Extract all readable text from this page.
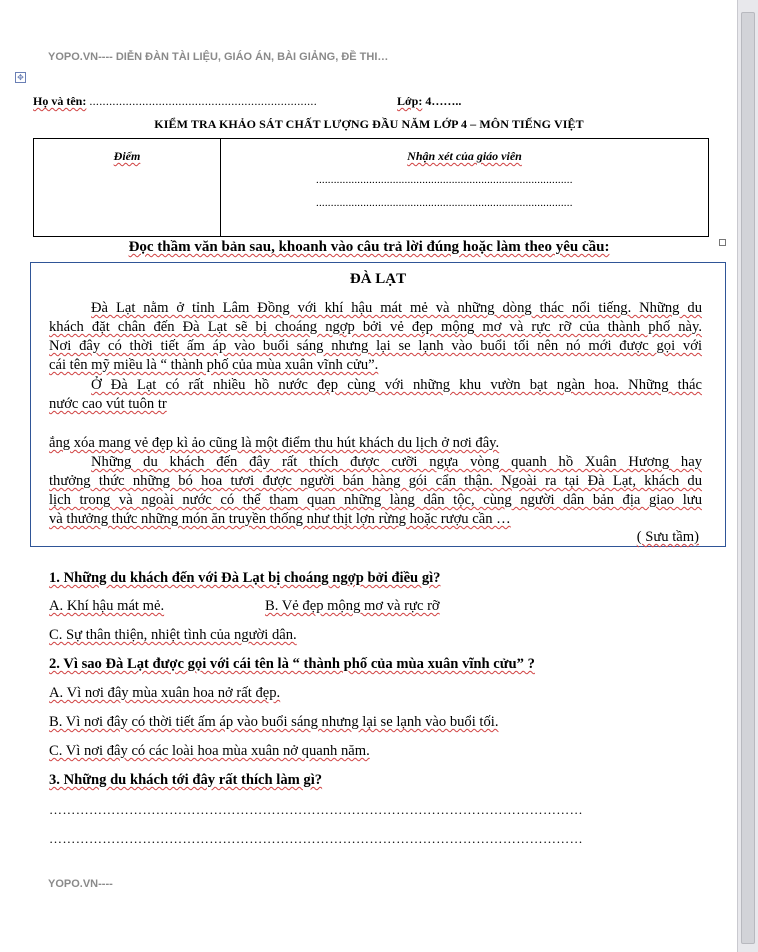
YOPO.VN---- DIỄN ĐÀN TÀI LIỆU, GIÁO ÁN, BÀI GIẢNG, ĐỀ THI…
✥
Họ và tên: .....................................................................	Lớp: 4……..
KIỂM TRA KHẢO SÁT CHẤT LƯỢNG ĐẦU NĂM LỚP 4 – MÔN TIẾNG VIỆT
Điểm	Nhận xét của giáo viên
.......................................................................................
.......................................................................................
Đọc thầm văn bản sau, khoanh vào câu trả lời đúng hoặc làm theo yêu cầu:
ĐÀ LẠT
Đà Lạt nằm ở tỉnh Lâm Đồng với khí hậu mát mẻ và những dòng thác nổi tiếng. Những du
khách đặt chân đến Đà Lạt sẽ bị choáng ngợp bởi vẻ đẹp mộng mơ và rực rỡ của thành phố này.
Nơi đây có thời tiết ấm áp vào buổi sáng nhưng lại se lạnh vào buổi tối nên nó mới được gọi với
cái tên mỹ miều là “ thành phố của mùa xuân vĩnh cửu”.
Ở Đà Lạt có rất nhiều hồ nước đẹp cùng với những khu vườn bạt ngàn hoa. Những thác
nước cao vút tuôn tr
ắng xóa mang vẻ đẹp kì ảo cũng là một điểm thu hút khách du lịch ở nơi đây.
Những du khách đến đây rất thích được cưỡi ngựa vòng quanh hồ Xuân Hương hay
thưởng thức những bó hoa tươi được người bán hàng gói cẩn thận. Ngoài ra tại Đà Lạt, khách du
lịch trong và ngoài nước có thể tham quan những làng dân tộc, cùng người dân bản địa giao lưu
và thưởng thức những món ăn truyền thống như thịt lợn rừng hoặc rượu cần …
( Sưu tầm)
1. Những du khách đến với Đà Lạt bị choáng ngợp bởi điều gì?
A. Khí hậu mát mẻ.	B. Vẻ đẹp mộng mơ và rực rỡ
C. Sự thân thiện, nhiệt tình của người dân.
2. Vì sao Đà Lạt được gọi với cái tên là “ thành phố của mùa xuân vĩnh cửu” ?
A. Vì nơi đây mùa xuân hoa nở rất đẹp.
B. Vì nơi đây có thời tiết ấm áp vào buổi sáng nhưng lại se lạnh vào buổi tối.
C. Vì nơi đây có các loài hoa mùa xuân nở quanh năm.
3. Những du khách tới đây rất thích làm gì?
…………………………………………………………………………………………………………
…………………………………………………………………………………………………………
YOPO.VN----
